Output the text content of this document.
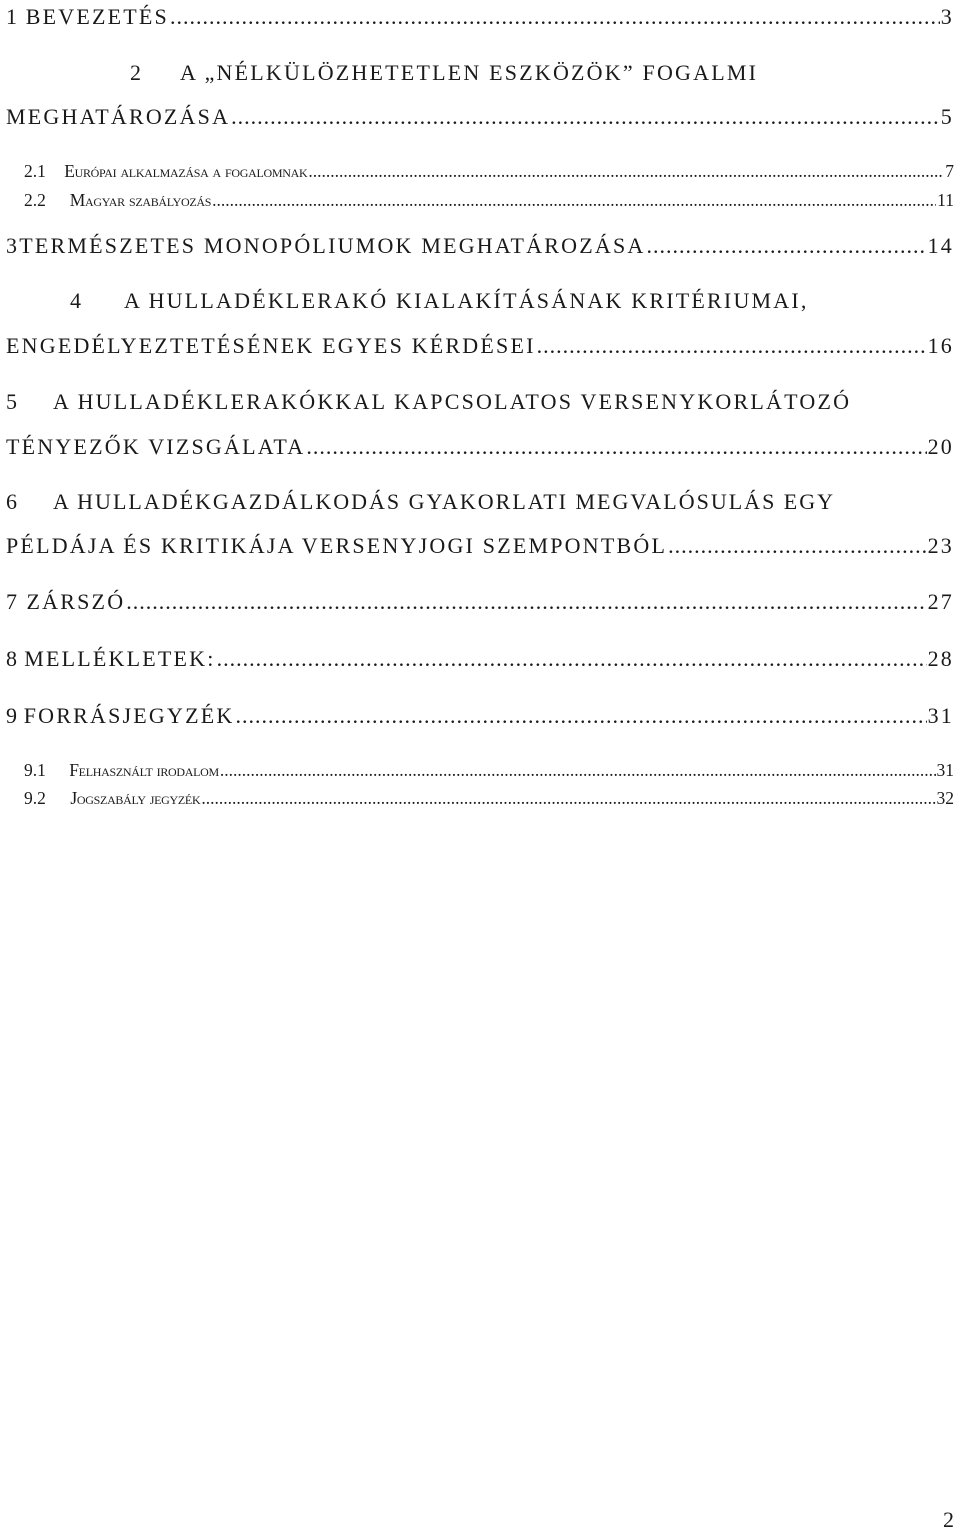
1 BEVEZETÉS .....	3
2 A „NÉLKÜLÖZHETETLEN ESZKÖZÖK” FOGALMI
MEGHATÁROZÁSA .....	5
2.1	Európai alkalmazása a fogalomnak .....	7
2.2	Magyar szabályozás .....	11
3 TERMÉSZETES MONOPÓLIUMOK MEGHATÁROZÁSA .....	14
4 A HULLADÉKLERAKÓ KIALAKÍTÁSÁNAK KRITÉRIUMAI,
ENGEDÉLYEZTETÉSÉNEK EGYES KÉRDÉSEI .....	16
5 A HULLADÉKLERAKÓKKAL KAPCSOLATOS VERSENYKORLÁTOZÓ
TÉNYEZŐK VIZSGÁLATA .....	20
6 A HULLADÉKGAZDÁLKODÁS GYAKORLATI MEGVALÓSULÁS EGY
PÉLDÁJA ÉS KRITIKÁJA VERSENYJOGI SZEMPONTBÓL .....	23
7 ZÁRSZÓ .....	27
8 MELLÉKLETEK: .....	28
9 FORRÁSJEGYZÉK .....	31
9.1	Felhasznált irodalom .....	31
9.2	Jogszabály jegyzék .....	32
2
